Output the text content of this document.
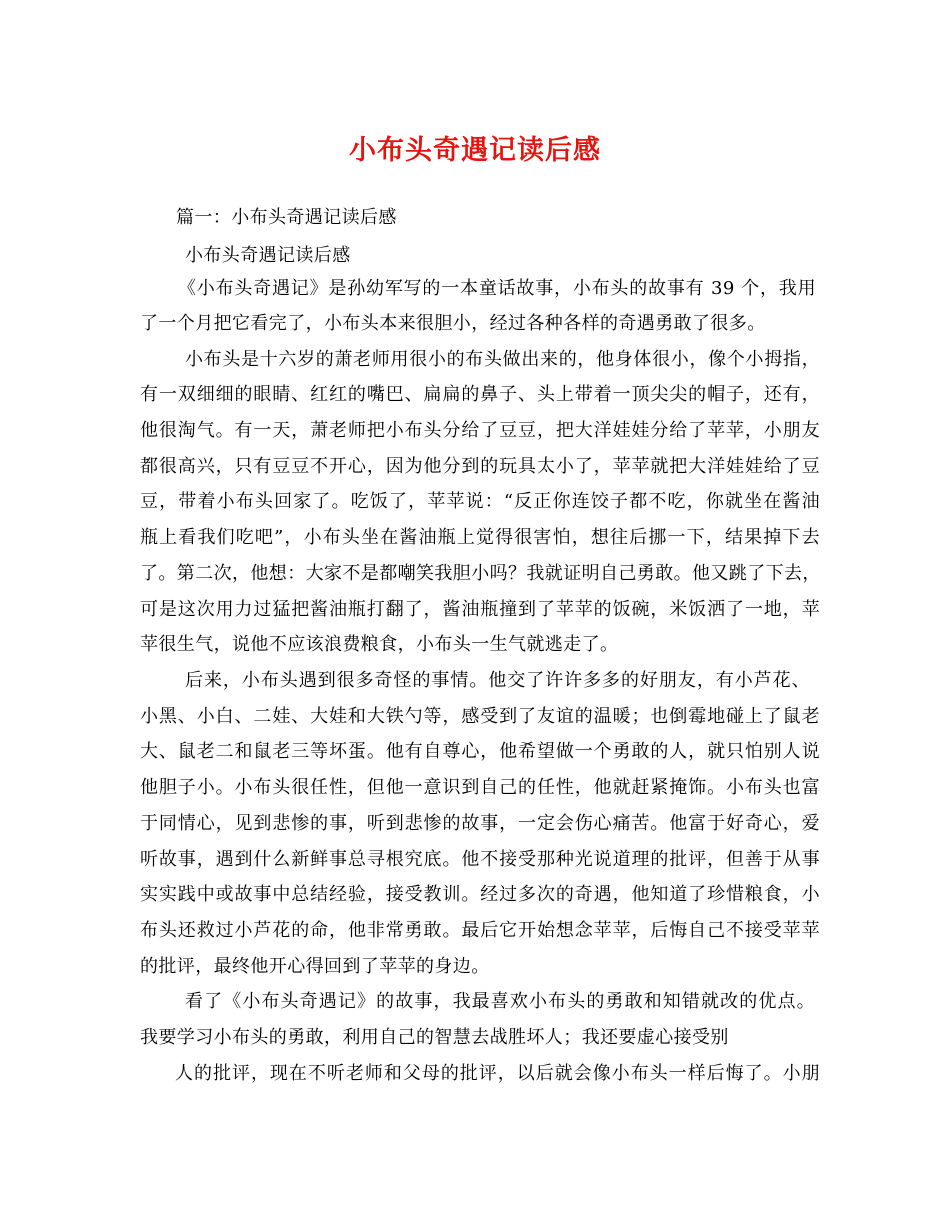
小布头奇遇记读后感

篇一：小布头奇遇记读后感

小布头奇遇记读后感

《小布头奇遇记》是孙幼军写的一本童话故事，小布头的故事有 39 个，我用

了一个月把它看完了，小布头本来很胆小，经过各种各样的奇遇勇敢了很多。

小布头是十六岁的萧老师用很小的布头做出来的，他身体很小，像个小拇指，

有一双细细的眼睛、红红的嘴巴、扁扁的鼻子、头上带着一顶尖尖的帽子，还有，

他很淘气。有一天，萧老师把小布头分给了豆豆，把大洋娃娃分给了苹苹，小朋友

都很高兴，只有豆豆不开心，因为他分到的玩具太小了，苹苹就把大洋娃娃给了豆

豆，带着小布头回家了。吃饭了，苹苹说：“反正你连饺子都不吃，你就坐在酱油

瓶上看我们吃吧”，小布头坐在酱油瓶上觉得很害怕，想往后挪一下，结果掉下去

了。第二次，他想：大家不是都嘲笑我胆小吗？我就证明自己勇敢。他又跳了下去，

可是这次用力过猛把酱油瓶打翻了，酱油瓶撞到了苹苹的饭碗，米饭洒了一地，苹

苹很生气，说他不应该浪费粮食，小布头一生气就逃走了。

后来，小布头遇到很多奇怪的事情。他交了许许多多的好朋友，有小芦花、

小黑、小白、二娃、大娃和大铁勺等，感受到了友谊的温暖；也倒霉地碰上了鼠老

大、鼠老二和鼠老三等坏蛋。他有自尊心，他希望做一个勇敢的人，就只怕别人说

他胆子小。小布头很任性，但他一意识到自己的任性，他就赶紧掩饰。小布头也富

于同情心，见到悲惨的事，听到悲惨的故事，一定会伤心痛苦。他富于好奇心，爱

听故事，遇到什么新鲜事总寻根究底。他不接受那种光说道理的批评，但善于从事

实实践中或故事中总结经验，接受教训。经过多次的奇遇，他知道了珍惜粮食，小

布头还救过小芦花的命，他非常勇敢。最后它开始想念苹苹，后悔自己不接受苹苹

的批评，最终他开心得回到了苹苹的身边。

看了《小布头奇遇记》的故事，我最喜欢小布头的勇敢和知错就改的优点。

我要学习小布头的勇敢，利用自己的智慧去战胜坏人；我还要虚心接受别

人的批评，现在不听老师和父母的批评，以后就会像小布头一样后悔了。小朋
